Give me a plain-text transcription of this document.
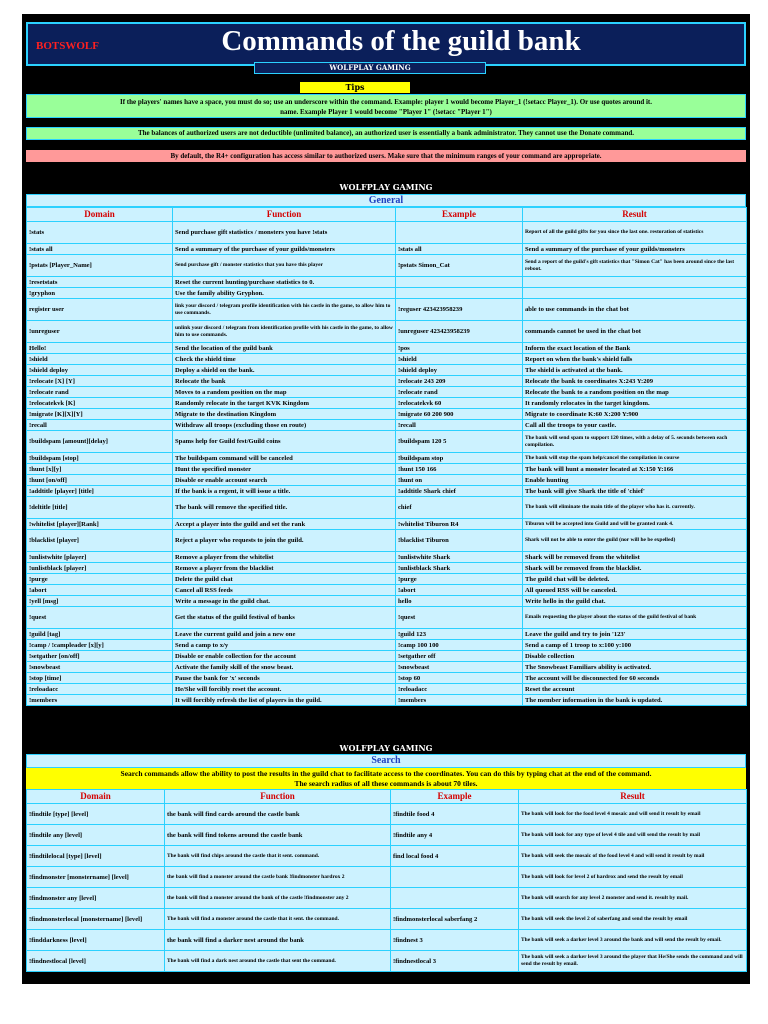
BOTSWOLF	Commands of the guild bank
WOLFPLAY GAMING
Tips
If the players' names have a space, you must do so; use an underscore within the command. Example: player 1 would become Player_1 (!setacc Player_1). Or use quotes around it.
name. Example Player 1 would become "Player 1" (!setacc "Player 1")
The balances of authorized users are not deductible (unlimited balance), an authorized user is essentially a bank administrator. They cannot use the Donate command.
By default, the R4+ configuration has access similar to authorized users. Make sure that the minimum ranges of your command are appropriate.
WOLFPLAY GAMING
General
Domain	Function	Example	Result
!stats	Send purchase gift statistics / monsters you have !stats		Report of all the guild gifts for you since the last one. restoration of statistics
!stats all	Send a summary of the purchase of your guilds/monsters	!stats all	Send a summary of the purchase of your guilds/monsters
!pstats [Player_Name]	Send purchase gift / monster statistics that you have this player	!pstats Simon_Cat	Send a report of the guild's gift statistics that "Simon Cat" has been around since the last reboot.
!resetstats	Reset the current hunting/purchase statistics to 0.		
!gryphon	Use the family ability Gryphon.		
register user	link your discord / telegram profile identification with his castle in the game, to allow him to use commands.	!reguser 423423958239	able to use commands in the chat bot
!unreguser	unlink your discord / telegram from identification profile with his castle in the game, to allow him to use commands.	!unreguser 423423958239	commands cannot be used in the chat bot
Hello!	Send the location of the guild bank	!pos	Inform the exact location of the Bank
!shield	Check the shield time	!shield	Report on when the bank's shield falls
!shield deploy	Deploy a shield on the bank.	!shield deploy	The shield is activated at the bank.
!relocate [X] [Y]	Relocate the bank	!relocate 243 209	Relocate the bank to coordinates X:243 Y:209
!relocate rand	Moves to a random position on the map	!relocate rand	Relocate the bank to a random position on the map
!relocatekvk [K]	Randomly relocate in the target KVK Kingdom	!relocatekvk 60	It randomly relocates in the target kingdom.
!migrate [K][X][Y]	Migrate to the destination Kingdom	!migrate 60 200 900	Migrate to coordinate K:60 X:200 Y:900
!recall	Withdraw all troops (excluding those en route)	!recall	Call all the troops to your castle.
!buildspam [amount][delay]	Spams help for Guild fest/Guild coins	!buildspam 120 5	The bank will send spam to support 120 times, with a delay of 5. seconds between each compilation.
!buildspam [stop]	The buildspam command will be canceled	!buildspam stop	The bank will stop the spam help/cancel the compilation in course
!hunt [x][y]	Hunt the specified monster	!hunt 150 166	The bank will hunt a monster located at X:150 Y:166
!hunt [on/off]	Disable or enable account search	!hunt on	Enable hunting
!addtitle [player] [title]	If the bank is a regent, it will issue a title.	!addtitle Shark chief	The bank will give Shark the title of 'chief'
!deltitle [title]	The bank will remove the specified title.	chief	The bank will eliminate the main title of the player who has it. currently.
!whitelist [player][Rank]	Accept a player into the guild and set the rank	!whitelist Tiburon R4	Tiburon will be accepted into Guild and will be granted rank 4.
!blacklist [player]	Reject a player who requests to join the guild.	!blacklist Tiburon	Shark will not be able to enter the guild (nor will he be expelled)
!unlistwhite [player]	Remove a player from the whitelist	!unlistwhite Shark	Shark will be removed from the whitelist
!unlistblack [player]	Remove a player from the blacklist	!unlistblack Shark	Shark will be removed from the blacklist.
!purge	Delete the guild chat	!purge	The guild chat will be deleted.
!abort	Cancel all RSS feeds	!abort	All queued RSS will be canceled.
!yell [msg]	Write a message in the guild chat.	hello	Write hello in the guild chat.
!quest	Get the status of the guild festival of banks	!quest	Emails requesting the player about the status of the guild festival of bank
!guild [tag]	Leave the current guild and join a new one	!guild 123	Leave the guild and try to join '123'
!camp / !campleader [x][y]	Send a camp to x/y	!camp 100 100	Send a camp of 1 troop to x:100 y:100
!setgather [on/off]	Disable or enable collection for the account	!setgather off	Disable collection
!snowbeast	Activate the family skill of the snow beast.	!snowbeast	The Snowbeast Familiars ability is activated.
!stop [time]	Pause the bank for 'x' seconds	!stop 60	The account will be disconnected for 60 seconds
!reloadacc	He/She will forcibly reset the account.	!reloadacc	Reset the account
!members	It will forcibly refresh the list of players in the guild.	!members	The member information in the bank is updated.
WOLFPLAY GAMING
Search
Search commands allow the ability to post the results in the guild chat to facilitate access to the coordinates. You can do this by typing chat at the end of the command.
The search radius of all these commands is about 70 tiles.
Domain	Function	Example	Result
!findtile [type] [level]	the bank will find cards around the castle bank	!findtile food 4	The bank will look for the food level 4 mosaic and will send it result by email
!findtile any [level]	the bank will find tokens around the castle bank	!findtile any 4	The bank will look for any type of level 4 tile and will send the result by mail
!findtilelocal [type] [level]	The bank will find chips around the castle that it sent. command.	find local food 4	The bank will seek the mosaic of the food level 4 and will send it result by mail
!findmonster [monstername] [level]	the bank will find a monster around the castle bank !findmonster hardrox 2		The bank will look for level 2 of hardrox and send the result by email
!findmonster any [level]	the bank will find a monster around the bank of the castle !findmonster any 2		The bank will search for any level 2 monster and send it. result by mail.
!findmonsterlocal [monstername] [level]	The bank will find a monster around the castle that it sent. the command.	!findmonsterlocal saberfang 2	The bank will seek the level 2 of saberfang and send the result by email
!finddarkness [level]	the bank will find a darker nest around the bank	!findnest 3	The bank will seek a darker level 3 around the bank and will send the result by email.
!findnestlocal [level]	The bank will find a dark nest around the castle that sent the command.	!findnestlocal 3	The bank will seek a darker level 3 around the player that He/She sends the command and will send the result by email.
